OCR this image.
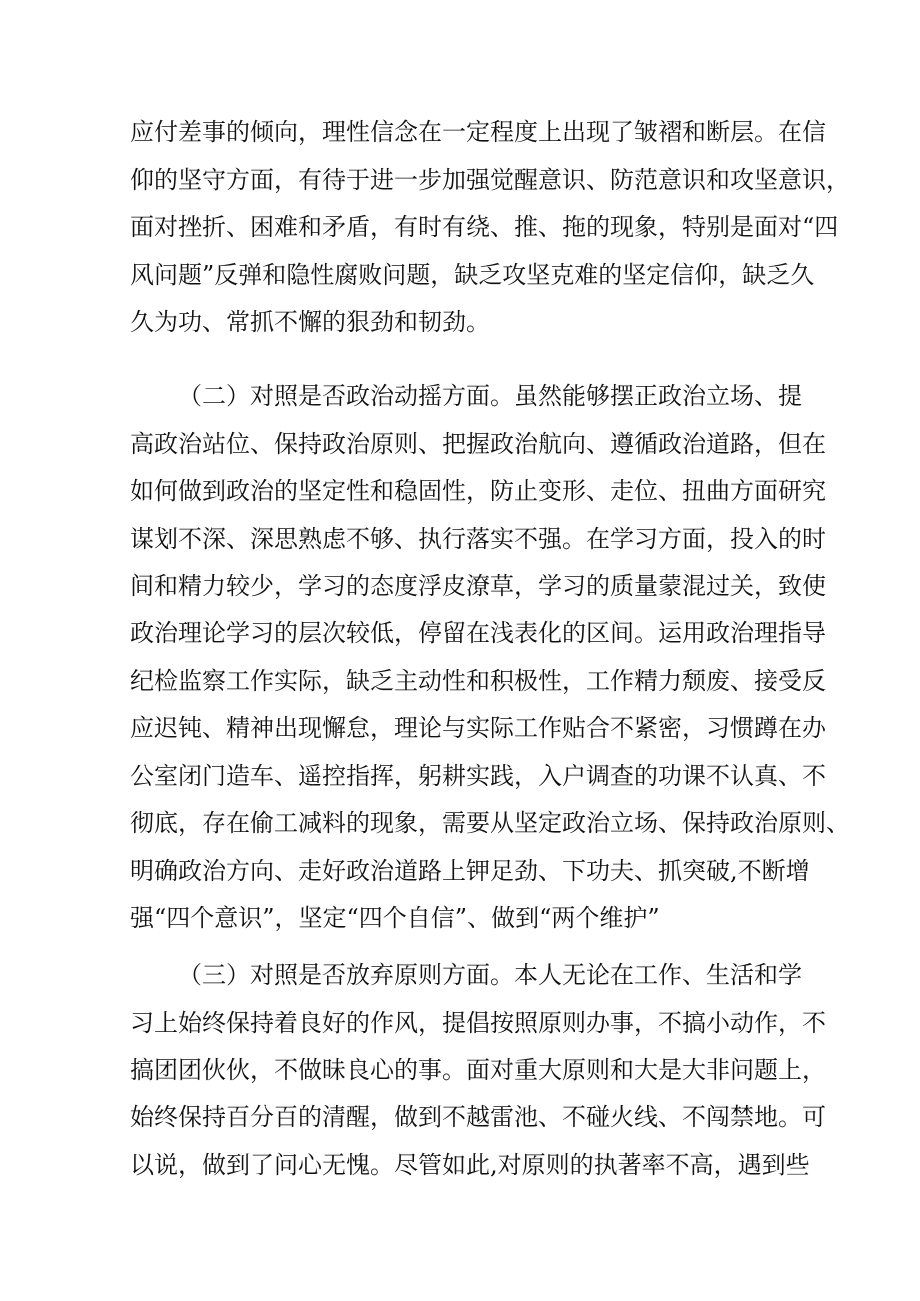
应付差事的倾向，理性信念在一定程度上出现了皱褶和断层。在信
仰的坚守方面，有待于进一步加强觉醒意识、防范意识和攻坚意识，
面对挫折、困难和矛盾，有时有绕、推、拖的现象，特别是面对“四
风问题”反弹和隐性腐败问题，缺乏攻坚克难的坚定信仰，缺乏久
久为功、常抓不懈的狠劲和韧劲。
（二）对照是否政治动摇方面。虽然能够摆正政治立场、提
高政治站位、保持政治原则、把握政治航向、遵循政治道路，但在
如何做到政治的坚定性和稳固性，防止变形、走位、扭曲方面研究
谋划不深、深思熟虑不够、执行落实不强。在学习方面，投入的时
间和精力较少，学习的态度浮皮潦草，学习的质量蒙混过关，致使
政治理论学习的层次较低，停留在浅表化的区间。运用政治理指导
纪检监察工作实际，缺乏主动性和积极性，工作精力颓废、接受反
应迟钝、精神出现懈怠，理论与实际工作贴合不紧密，习惯蹲在办
公室闭门造车、遥控指挥，躬耕实践，入户调查的功课不认真、不
彻底，存在偷工减料的现象，需要从坚定政治立场、保持政治原则、
明确政治方向、走好政治道路上钾足劲、下功夫、抓突破,不断增
强“四个意识”，坚定“四个自信”、做到“两个维护”
（三）对照是否放弃原则方面。本人无论在工作、生活和学
习上始终保持着良好的作风，提倡按照原则办事，不搞小动作，不
搞团团伙伙，不做昧良心的事。面对重大原则和大是大非问题上，
始终保持百分百的清醒，做到不越雷池、不碰火线、不闯禁地。可
以说，做到了问心无愧。尽管如此,对原则的执著率不高，遇到些
